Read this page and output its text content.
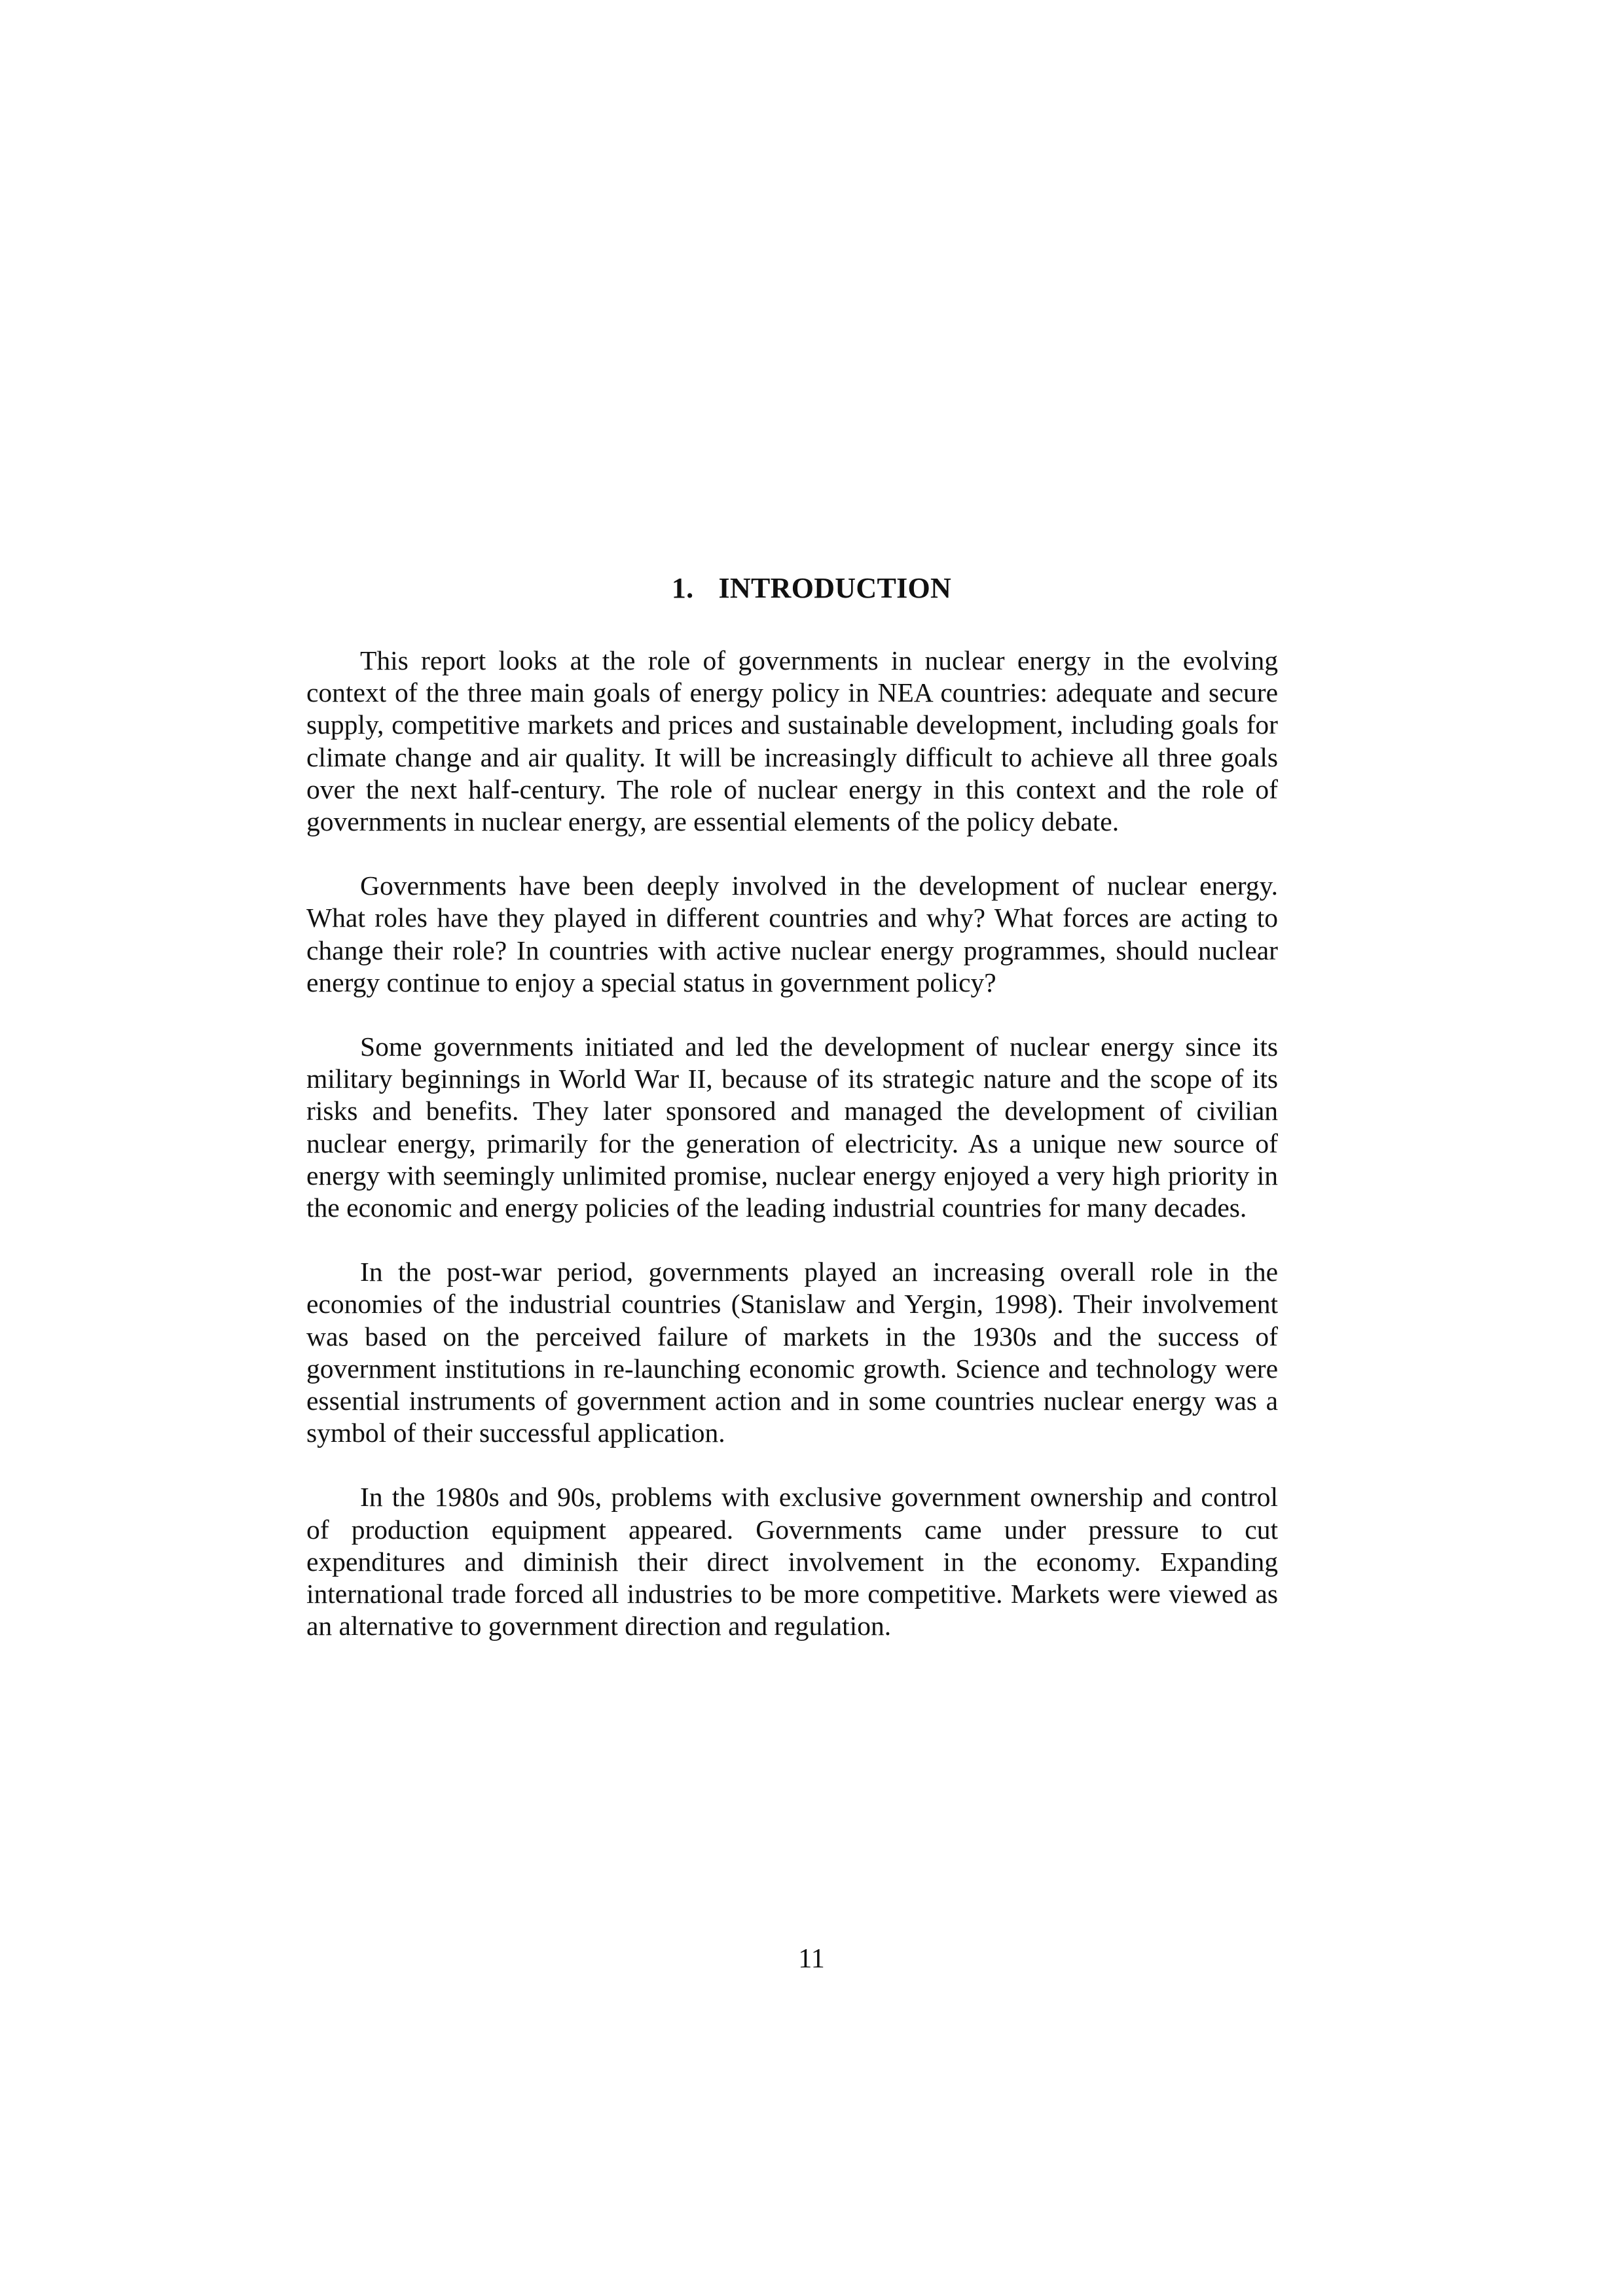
1. INTRODUCTION

This report looks at the role of governments in nuclear energy in the evolving context of the three main goals of energy policy in NEA countries: adequate and secure supply, competitive markets and prices and sustainable development, including goals for climate change and air quality. It will be increasingly difficult to achieve all three goals over the next half-century. The role of nuclear energy in this context and the role of governments in nuclear energy, are essential elements of the policy debate.

Governments have been deeply involved in the development of nuclear energy. What roles have they played in different countries and why? What forces are acting to change their role? In countries with active nuclear energy programmes, should nuclear energy continue to enjoy a special status in government policy?

Some governments initiated and led the development of nuclear energy since its military beginnings in World War II, because of its strategic nature and the scope of its risks and benefits. They later sponsored and managed the development of civilian nuclear energy, primarily for the generation of electricity. As a unique new source of energy with seemingly unlimited promise, nuclear energy enjoyed a very high priority in the economic and energy policies of the leading industrial countries for many decades.

In the post-war period, governments played an increasing overall role in the economies of the industrial countries (Stanislaw and Yergin, 1998). Their involvement was based on the perceived failure of markets in the 1930s and the success of government institutions in re-launching economic growth. Science and technology were essential instruments of government action and in some countries nuclear energy was a symbol of their successful application.

In the 1980s and 90s, problems with exclusive government ownership and control of production equipment appeared. Governments came under pressure to cut expenditures and diminish their direct involvement in the economy. Expanding international trade forced all industries to be more competitive. Markets were viewed as an alternative to government direction and regulation.

11
